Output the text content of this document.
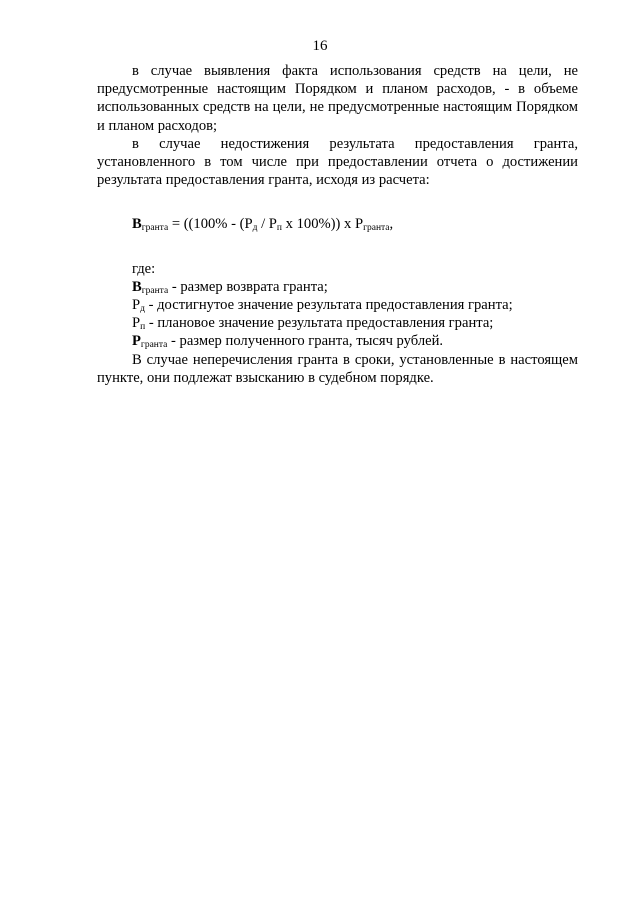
16

в случае выявления факта использования средств на цели, не предусмотренные настоящим Порядком и планом расходов, - в объеме использованных средств на цели, не предусмотренные настоящим Порядком и планом расходов;

в случае недостижения результата предоставления гранта, установленного в том числе при предоставлении отчета о достижении результата предоставления гранта, исходя из расчета:

$В_{гранта} = ((100\% - (Р_д / Р_п$ х 100%)) х $Р_{гранта}$,

где:

$В_{гранта}$ - размер возврата гранта;

$Р_д$ - достигнутое значение результата предоставления гранта;

$Р_п$ - плановое значение результата предоставления гранта;

$Р_{гранта}$ - размер полученного гранта, тысяч рублей.

В случае неперечисления гранта в сроки, установленные в настоящем пункте, они подлежат взысканию в судебном порядке.
